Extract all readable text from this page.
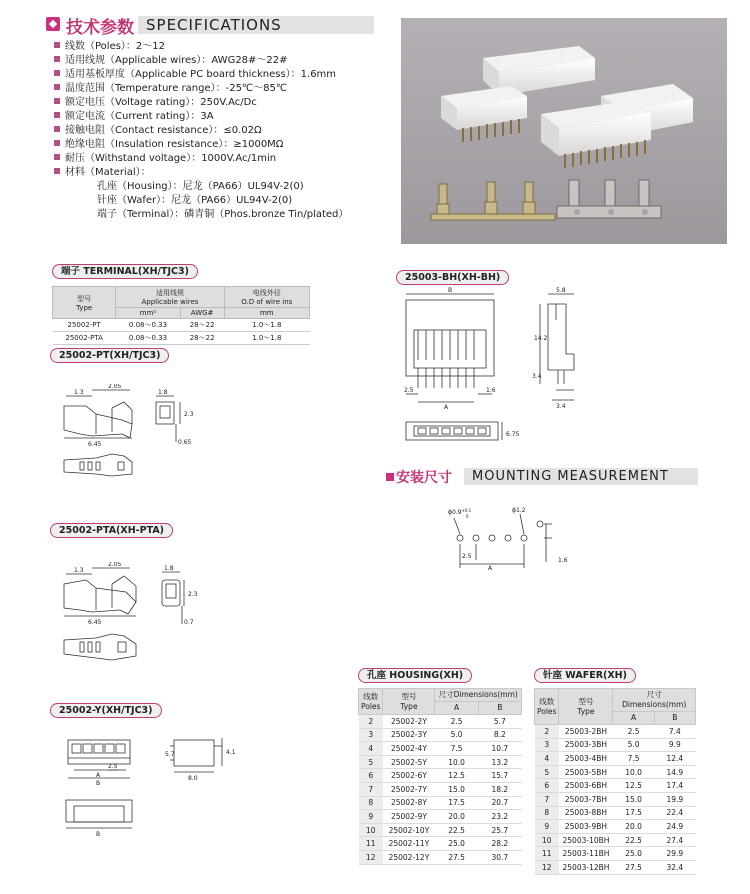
技术参数 SPECIFICATIONS
线数（Poles）：2～12
适用线规（Applicable wires）：AWG28#～22#
适用基板厚度（Applicable PC board thickness）：1.6mm
温度范围（Temperature range）：-25℃～85℃
额定电压（Voltage rating）：250V.Ac/Dc
额定电流（Current rating）：3A
接触电阻（Contact resistance）：≤0.02Ω
绝缘电阻（Insulation resistance）：≥1000MΩ
耐压（Withstand voltage）：1000V.Ac/1min
材料（Material）：
孔座（Housing）：尼龙（PA66）UL94V-2(0)
针座（Wafer）：尼龙（PA66）UL94V-2(0)
端子（Terminal）：磷青铜（Phos.bronze Tin/plated）
端子 TERMINAL(XH/TJC3)
型号
Type	适用线规
Applicable wires		电线外径
O.D of wire ins
	mm²	AWG#	mm
25002-PT	0.08～0.33	28～22	1.0～1.8
25002-PTA	0.08～0.33	28～22	1.0～1.8
25002-PT(XH/TJC3)
1.3
2.05
6.45
1.8
2.3
0.65
25002-PTA(XH-PTA)
1.3
2.05
6.45
1.8
2.3
0.7
25002-Y(XH/TJC3)
A
B
2.5
5.7
8.0
4.1
B
25003-BH(XH-BH)
B
A
2.5	1.6
14.2
5.8
3.4
3.4
6.75
安装尺寸 MOUNTING MEASUREMENT
$\phi 0.9^{+0.1}$
0
ϕ1.2
2.5
A
1.6
孔座 HOUSING(XH)
线数
Poles	型号
Type	尺寸Dimensions(mm)	
		A	B
2	25002-2Y	2.5	5.7
3	25002-3Y	5.0	8.2
4	25002-4Y	7.5	10.7
5	25002-5Y	10.0	13.2
6	25002-6Y	12.5	15.7
7	25002-7Y	15.0	18.2
8	25002-8Y	17.5	20.7
9	25002-9Y	20.0	23.2
10	25002-10Y	22.5	25.7
11	25002-11Y	25.0	28.2
12	25002-12Y	27.5	30.7
针座 WAFER(XH)
线数
Poles	型号
Type	尺寸Dimensions(mm)	
		A	B
2	25003-2BH	2.5	7.4
3	25003-3BH	5.0	9.9
4	25003-4BH	7.5	12.4
5	25003-5BH	10.0	14.9
6	25003-6BH	12.5	17.4
7	25003-7BH	15.0	19.9
8	25003-8BH	17.5	22.4
9	25003-9BH	20.0	24.9
10	25003-10BH	22.5	27.4
11	25003-11BH	25.0	29.9
12	25003-12BH	27.5	32.4
